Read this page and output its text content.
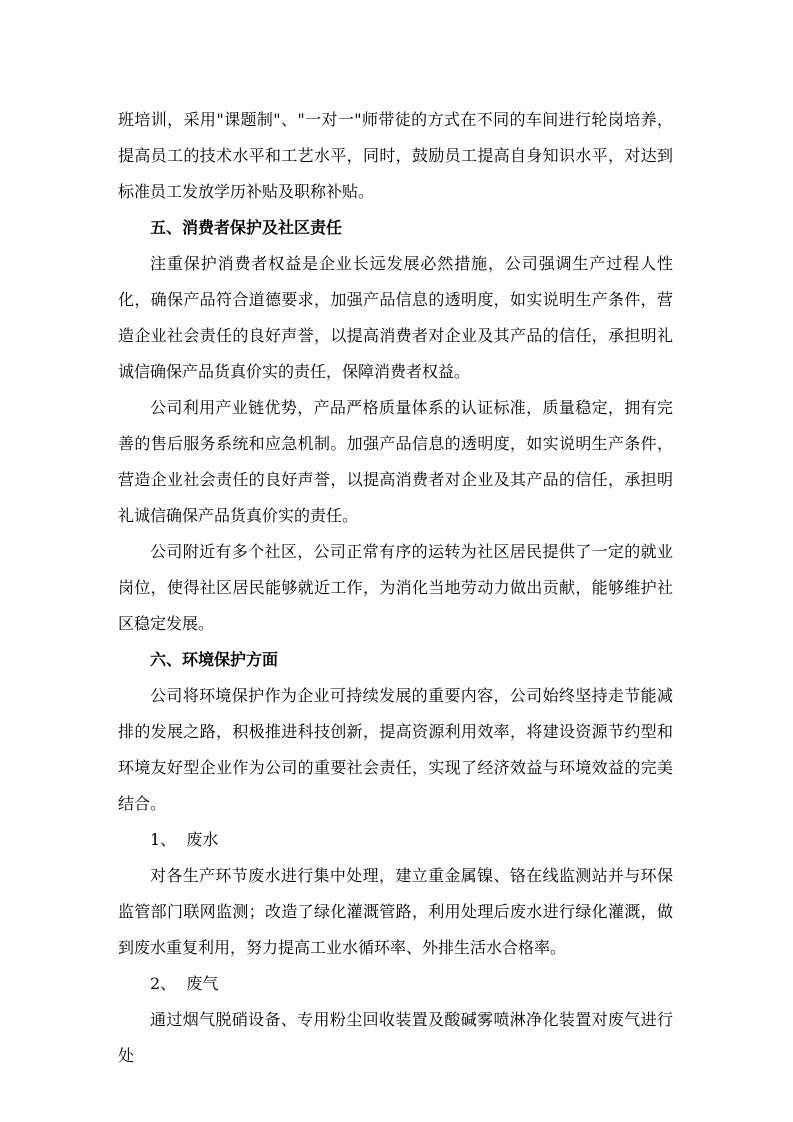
班培训，采用"课题制"、"一对一"师带徒的方式在不同的车间进行轮岗培养，提高员工的技术水平和工艺水平，同时，鼓励员工提高自身知识水平，对达到标准员工发放学历补贴及职称补贴。

五、消费者保护及社区责任

注重保护消费者权益是企业长远发展必然措施，公司强调生产过程人性化，确保产品符合道德要求，加强产品信息的透明度，如实说明生产条件，营造企业社会责任的良好声誉，以提高消费者对企业及其产品的信任，承担明礼诚信确保产品货真价实的责任，保障消费者权益。

公司利用产业链优势，产品严格质量体系的认证标准，质量稳定，拥有完善的售后服务系统和应急机制。加强产品信息的透明度，如实说明生产条件，营造企业社会责任的良好声誉，以提高消费者对企业及其产品的信任，承担明礼诚信确保产品货真价实的责任。

公司附近有多个社区，公司正常有序的运转为社区居民提供了一定的就业岗位，使得社区居民能够就近工作，为消化当地劳动力做出贡献，能够维护社区稳定发展。

六、环境保护方面

公司将环境保护作为企业可持续发展的重要内容，公司始终坚持走节能减排的发展之路，积极推进科技创新，提高资源利用效率，将建设资源节约型和环境友好型企业作为公司的重要社会责任，实现了经济效益与环境效益的完美结合。

1、  废水

对各生产环节废水进行集中处理，建立重金属镍、铬在线监测站并与环保监管部门联网监测；改造了绿化灌溉管路，利用处理后废水进行绿化灌溉，做到废水重复利用，努力提高工业水循环率、外排生活水合格率。

2、  废气

通过烟气脱硝设备、专用粉尘回收装置及酸碱雾喷淋净化装置对废气进行处
